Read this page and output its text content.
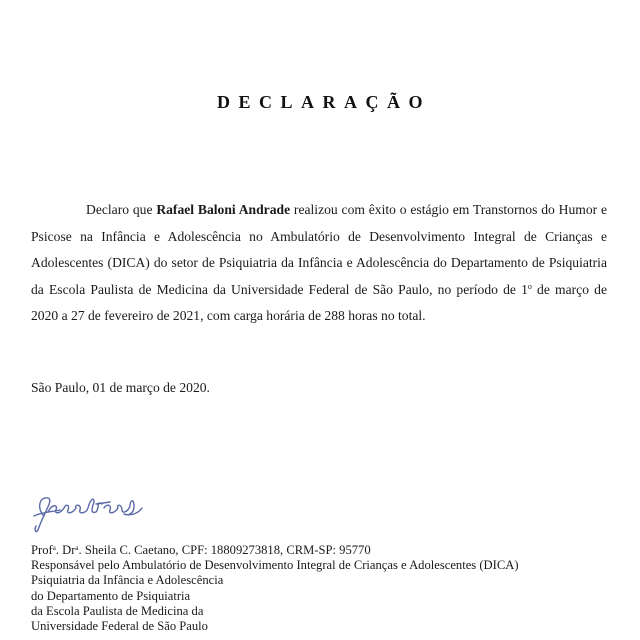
DECLARAÇÃO

Declaro que Rafael Baloni Andrade realizou com êxito o estágio em Transtornos do Humor e Psicose na Infância e Adolescência no Ambulatório de Desenvolvimento Integral de Crianças e Adolescentes (DICA) do setor de Psiquiatria da Infância e Adolescência do Departamento de Psiquiatria da Escola Paulista de Medicina da Universidade Federal de São Paulo, no período de 1$^o$ de março de 2020 a 27 de fevereiro de 2021, com carga horária de 288 horas no total.

São Paulo, 01 de março de 2020.
Prof$^a$. Dr$^a$. Sheila C. Caetano, CPF: 18809273818, CRM-SP: 95770
Responsável pelo Ambulatório de Desenvolvimento Integral de Crianças e Adolescentes (DICA)
Psiquiatria da Infância e Adolescência
do Departamento de Psiquiatria
da Escola Paulista de Medicina da
Universidade Federal de São Paulo
